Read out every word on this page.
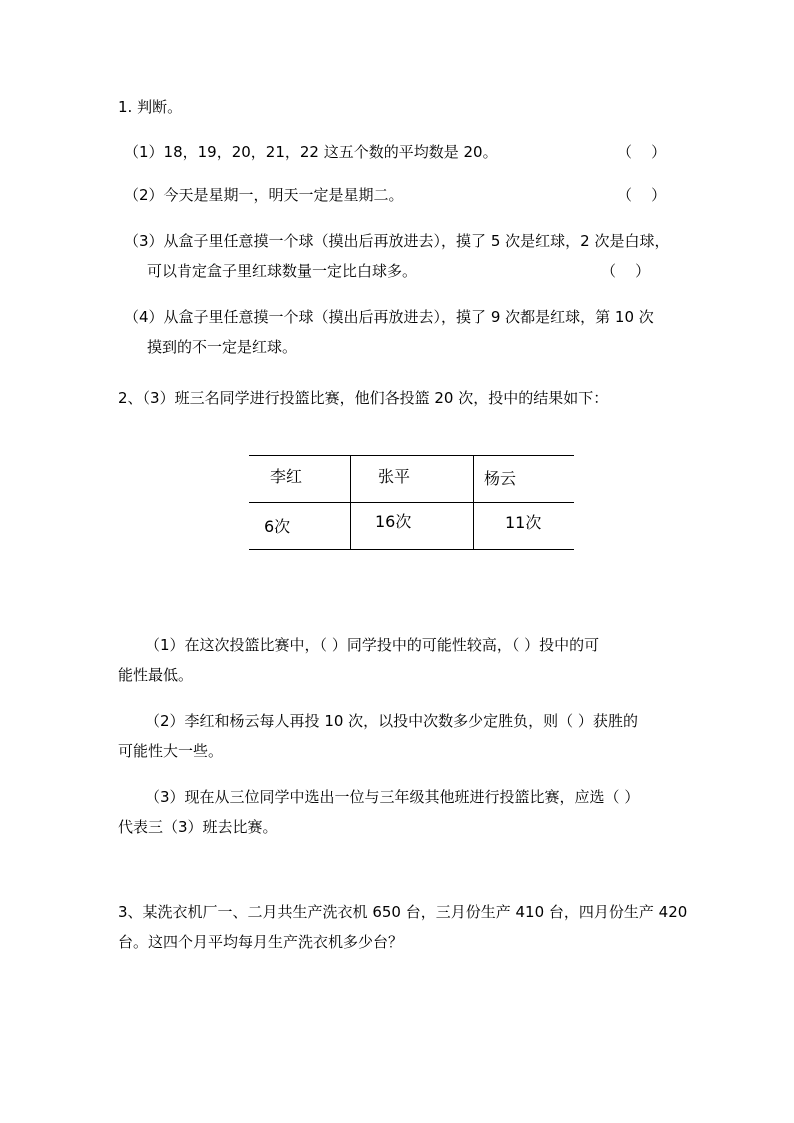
1. 判断。
（1）18，19，20，21，22 这五个数的平均数是 20。	（    ）
（2）今天是星期一，明天一定是星期二。	（    ）
（3）从盒子里任意摸一个球（摸出后再放进去），摸了 5 次是红球，2 次是白球，
可以肯定盒子里红球数量一定比白球多。	（    ）
（4）从盒子里任意摸一个球（摸出后再放进去），摸了 9 次都是红球，第 10 次
摸到的不一定是红球。
2、（3）班三名同学进行投篮比赛，他们各投篮 20 次，投中的结果如下：
李红	张平	杨云
6次	16次	11次
（1）在这次投篮比赛中，（ ）同学投中的可能性较高，（ ）投中的可
能性最低。
（2）李红和杨云每人再投 10 次，以投中次数多少定胜负，则（ ）获胜的
可能性大一些。
（3）现在从三位同学中选出一位与三年级其他班进行投篮比赛，应选（ ）
代表三（3）班去比赛。
3、某洗衣机厂一、二月共生产洗衣机 650 台，三月份生产 410 台，四月份生产 420
台。这四个月平均每月生产洗衣机多少台？
